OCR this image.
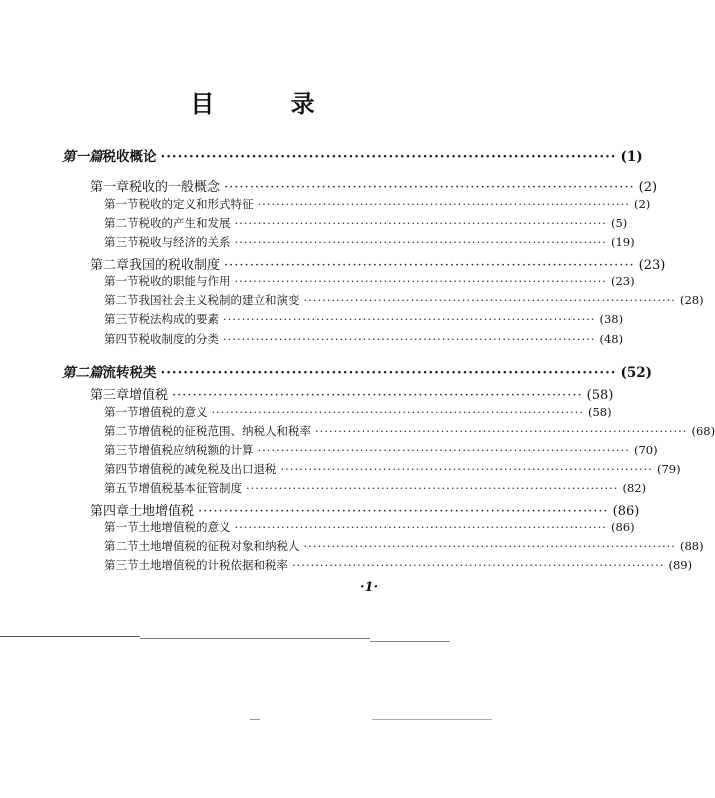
目 录
第一篇 税收概论 ················································································ (1)
第一章 税收的一般概念 ················································································ (2)
第一节 税收的定义和形式特征 ················································································ (2)
第二节 税收的产生和发展 ················································································ (5)
第三节 税收与经济的关系 ················································································ (19)
第二章 我国的税收制度 ················································································ (23)
第一节 税收的职能与作用 ················································································ (23)
第二节 我国社会主义税制的建立和演变 ················································································ (28)
第三节 税法构成的要素 ················································································ (38)
第四节 税收制度的分类 ················································································ (48)
第二篇 流转税类 ················································································ (52)
第三章 增值税 ················································································ (58)
第一节 增值税的意义 ················································································ (58)
第二节 增值税的征税范围、纳税人和税率 ················································································ (68)
第三节 增值税应纳税额的计算 ················································································ (70)
第四节 增值税的减免税及出口退税 ················································································ (79)
第五节 增值税基本征管制度 ················································································ (82)
第四章 土地增值税 ················································································ (86)
第一节 土地增值税的意义 ················································································ (86)
第二节 土地增值税的征税对象和纳税人 ················································································ (88)
第三节 土地增值税的计税依据和税率 ················································································ (89)
·1·
